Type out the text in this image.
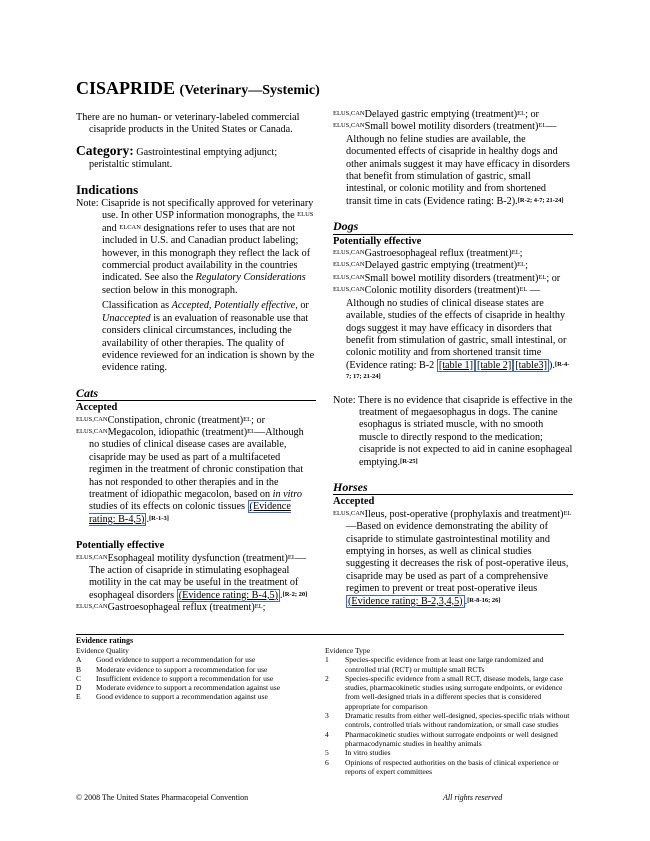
CISAPRIDE (Veterinary—Systemic)

There are no human- or veterinary-labeled commercial cisapride products in the United States or Canada.

Category: Gastrointestinal emptying adjunct; peristaltic stimulant.

Indications

Note: Cisapride is not specifically approved for veterinary use. In other USP information monographs, the $^{ELUS}$ and $^{ELCAN}$ designations refer to uses that are not included in U.S. and Canadian product labeling; however, in this monograph they reflect the lack of commercial product availability in the countries indicated. See also the Regulatory Considerations section below in this monograph.

Classification as Accepted, Potentially effective, or Unaccepted is an evaluation of reasonable use that considers clinical circumstances, including the availability of other therapies. The quality of evidence reviewed for an indication is shown by the evidence rating.

Cats
Accepted

$^{ELUS,CAN}$Constipation, chronic (treatment)$^{EL}$; or

$^{ELUS,CAN}$Megacolon, idiopathic (treatment)$^{EL}$—Although no studies of clinical disease cases are available, cisapride may be used as part of a multifaceted regimen in the treatment of chronic constipation that has not responded to other therapies and in the treatment of idiopathic megacolon, based on in vitro studies of its effects on colonic tissues (Evidence rating: B-4,5) .[R-1-3]

Potentially effective

$^{ELUS,CAN}$Esophageal motility dysfunction (treatment)$^{EL}$—The action of cisapride in stimulating esophageal motility in the cat may be useful in the treatment of esophageal disorders (Evidence rating: B-4,5) .[R-2; 20]

$^{ELUS,CAN}$Gastroesophageal reflux (treatment)$^{EL}$;

$^{ELUS,CAN}$Delayed gastric emptying (treatment)$^{EL}$; or

$^{ELUS,CAN}$Small bowel motility disorders (treatment)$^{EL}$—Although no feline studies are available, the documented effects of cisapride in healthy dogs and other animals suggest it may have efficacy in disorders that benefit from stimulation of gastric, small intestinal, or colonic motility and from shortened transit time in cats (Evidence rating: B-2).[R-2; 4-7; 21-24]

Dogs
Potentially effective

$^{ELUS,CAN}$Gastroesophageal reflux (treatment)$^{EL}$;

$^{ELUS,CAN}$Delayed gastric emptying (treatment)$^{EL}$;

$^{ELUS,CAN}$Small bowel motility disorders (treatment)$^{EL}$; or

$^{ELUS,CAN}$Colonic motility disorders (treatment)$^{EL}$ —Although no studies of clinical disease states are available, studies of the effects of cisapride in healthy dogs suggest it may have efficacy in disorders that benefit from stimulation of gastric, small intestinal, or colonic motility and from shortened transit time (Evidence rating: B-2 [table 1] [table 2] [table3] ).[R-4-7; 17; 21-24]

Note: There is no evidence that cisapride is effective in the treatment of megaesophagus in dogs. The canine esophagus is striated muscle, with no smooth muscle to directly respond to the medication; cisapride is not expected to aid in canine esophageal emptying.[R-25]

Horses
Accepted

$^{ELUS,CAN}$Ileus, post-operative (prophylaxis and treatment)$^{EL}$—Based on evidence demonstrating the ability of cisapride to stimulate gastrointestinal motility and emptying in horses, as well as clinical studies suggesting it decreases the risk of post-operative ileus, cisapride may be used as part of a comprehensive regimen to prevent or treat post-operative ileus (Evidence rating: B-2,3,4,5) .[R-8-16; 26]

Evidence ratings
Evidence Quality
A	Good evidence to support a recommendation for use
B	Moderate evidence to support a recommendation for use
C	Insufficient evidence to support a recommendation for use
D	Moderate evidence to support a recommendation against use
E	Good evidence to support a recommendation against use
Evidence Type
1	Species-specific evidence from at least one large randomized and controlled trial (RCT) or multiple small RCTs
2	Species-specific evidence from a small RCT, disease models, large case studies, pharmacokinetic studies using surrogate endpoints, or evidence from well-designed trials in a different species that is considered appropriate for comparison
3	Dramatic results from either well-designed, species-specific trials without controls, controlled trials without randomization, or small case studies
4	Pharmacokinetic studies without surrogate endpoints or well designed pharmacodynamic studies in healthy animals
5	In vitro studies
6	Opinions of respected authorities on the basis of clinical experience or reports of expert committees
© 2008 The United States Pharmacopeial Convention	All rights reserved
